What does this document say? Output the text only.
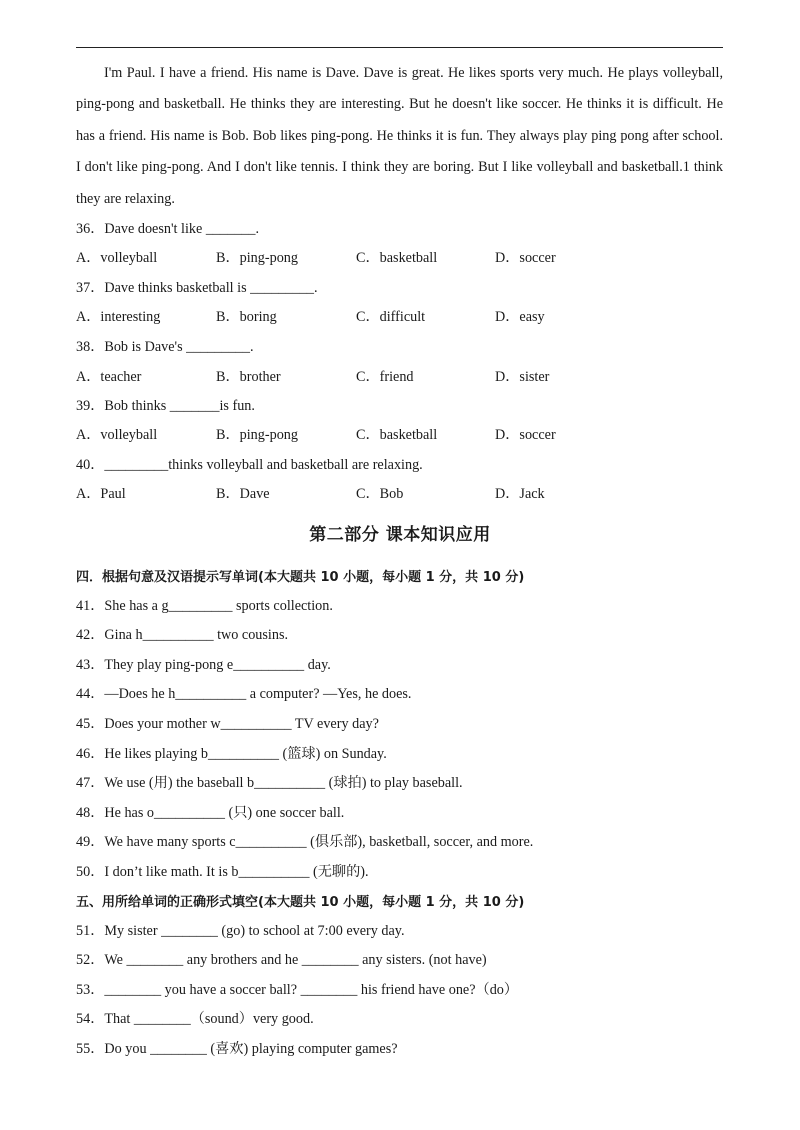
I'm Paul. I have a friend. His name is Dave. Dave is great. He likes sports very much. He plays volleyball, ping-pong and basketball. He thinks they are interesting. But he doesn't like soccer. He thinks it is difficult. He has a friend. His name is Bob. Bob likes ping-pong. He thinks it is fun. They always play ping pong after school. I don't like ping-pong. And I don't like tennis. I think they are boring. But I like volleyball and basketball.1 think they are relaxing.
36．Dave doesn't like _______.
A．volleyball	B．ping-pong	C．basketball	D．soccer
37．Dave thinks basketball is _________.
A．interesting	B．boring	C．difficult	D．easy
38．Bob is Dave's _________.
A．teacher	B．brother	C．friend	D．sister
39．Bob thinks _______is fun.
A．volleyball	B．ping-pong	C．basketball	D．soccer
40．_________thinks volleyball and basketball are relaxing.
A．Paul	B．Dave	C．Bob	D．Jack
第二部分 课本知识应用
四．根据句意及汉语提示写单词(本大题共 10 小题，每小题 1 分，共 10 分)
41．She has a g_________ sports collection.
42．Gina h__________ two cousins.
43．They play ping-pong e__________ day.
44．—Does he h__________ a computer? —Yes, he does.
45．Does your mother w__________ TV every day?
46．He likes playing b__________ (篮球) on Sunday.
47．We use (用) the baseball b__________ (球拍) to play baseball.
48．He has o__________ (只) one soccer ball.
49．We have many sports c__________ (俱乐部), basketball, soccer, and more.
50．I don’t like math. It is b__________ (无聊的).
五、用所给单词的正确形式填空(本大题共 10 小题，每小题 1 分，共 10 分)
51．My sister ________ (go) to school at 7:00 every day.
52．We ________ any brothers and he ________ any sisters. (not have)
53．________ you have a soccer ball? ________ his friend have one?（do）
54．That ________（sound）very good.
55．Do you ________ (喜欢) playing computer games?
